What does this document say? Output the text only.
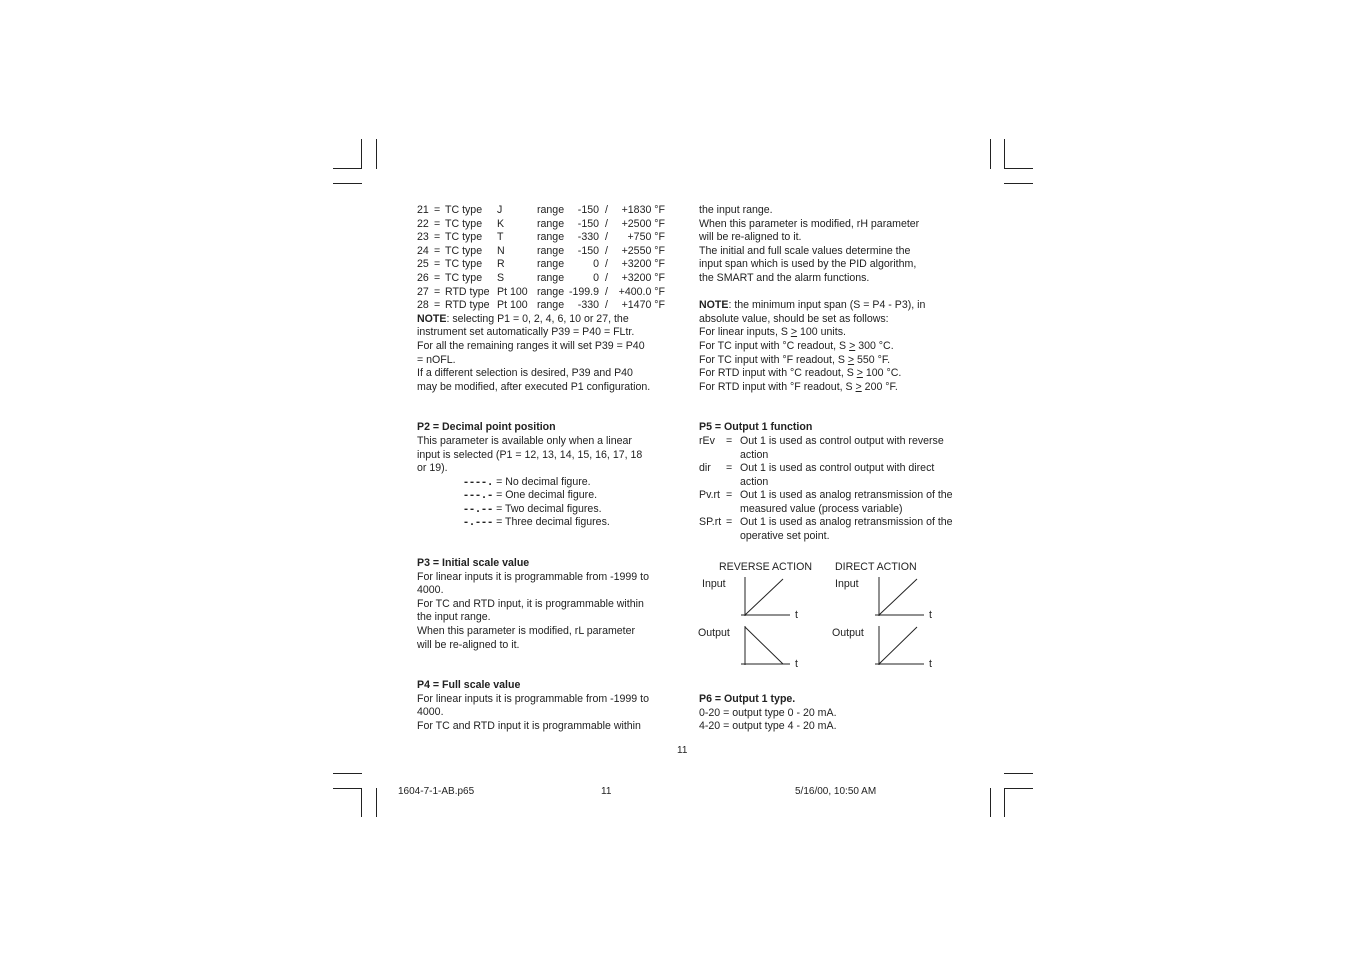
21 = TC type J	range -150 / +1830 °F
22 = TC type K	range -150 / +2500 °F
23 = TC type T	range -330 / +750 °F
24 = TC type N	range -150 / +2550 °F
25 = TC type R	range	0 / +3200 °F
26 = TC type S	range	0 / +3200 °F
27 = RTD type Pt 100 range -199.9 / +400.0 °F
28 = RTD type Pt 100 range -330 / +1470 °F

NOTE: selecting P1 = 0, 2, 4, 6, 10 or 27, the
instrument set automatically P39 = P40 = FLtr.
For all the remaining ranges it will set P39 = P40
= nOFL.
If a different selection is desired, P39 and P40
may be modified, after executed P1 configuration.

P2 = Decimal point position

This parameter is available only when a linear
input is selected (P1 = 12, 13, 14, 15, 16, 17, 18
or 19).

----. = No decimal figure.
---.- = One decimal figure.
--.-- = Two decimal figures.
-.--- = Three decimal figures.

P3 = Initial scale value

For linear inputs it is programmable from -1999 to
4000.
For TC and RTD input, it is programmable within
the input range.
When this parameter is modified, rL parameter
will be re-aligned to it.

P4 = Full scale value

For linear inputs it is programmable from -1999 to
4000.
For TC and RTD input it is programmable within

the input range.
When this parameter is modified, rH parameter
will be re-aligned to it.
The initial and full scale values determine the
input span which is used by the PID algorithm,
the SMART and the alarm functions.

NOTE: the minimum input span (S = P4 - P3), in
absolute value, should be set as follows:

For linear inputs, S > 100 units.
For TC input with °C readout, S > 300 °C.
For TC input with °F readout, S > 550 °F.
For RTD input with °C readout, S > 100 °C.
For RTD input with °F readout, S > 200 °F.

P5 = Output 1 function

rEv = Out 1 is used as control output with reverse action
dir = Out 1 is used as control output with direct action
Pv.rt = Out 1 is used as analog retransmission of the measured value (process variable)
SP.rt = Out 1 is used as analog retransmission of the operative set point.
REVERSE ACTION DIRECT ACTION
Input	Input
Output	Output
t	t
t	t

P6 = Output 1 type.

0-20 = output type 0 - 20 mA.
4-20 = output type 4 - 20 mA.

11
1604-7-1-AB.p65	11	5/16/00, 10:50 AM
